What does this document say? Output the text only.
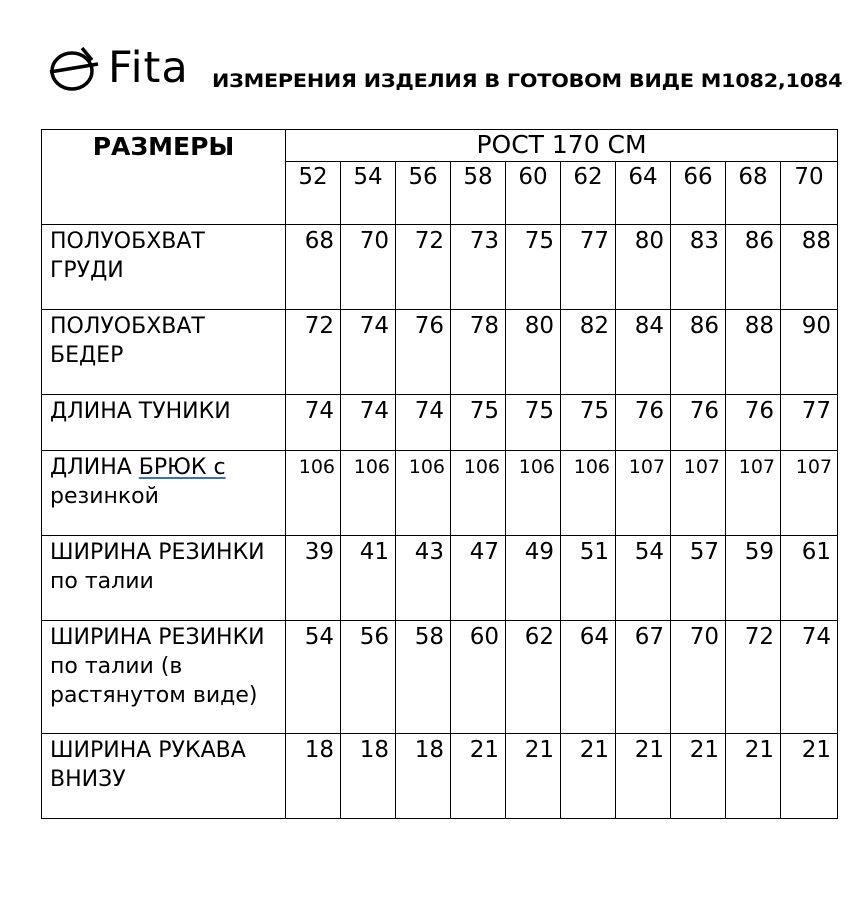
Fita ИЗМЕРЕНИЯ ИЗДЕЛИЯ В ГОТОВОМ ВИДЕ М1082,1084
РАЗМЕРЫ	РОСТ 170 СМ									
	52	54	56	58	60	62	64	66	68	70
ПОЛУОБХВАТ ГРУДИ	68	70	72	73	75	77	80	83	86	88
ПОЛУОБХВАТ БЕДЕР	72	74	76	78	80	82	84	86	88	90
ДЛИНА ТУНИКИ	74	74	74	75	75	75	76	76	76	77
ДЛИНА БРЮК с резинкой	106	106	106	106	106	106	107	107	107	107
ШИРИНА РЕЗИНКИ по талии	39	41	43	47	49	51	54	57	59	61
ШИРИНА РЕЗИНКИ по талии (в растянутом виде)	54	56	58	60	62	64	67	70	72	74
ШИРИНА РУКАВА ВНИЗУ	18	18	18	21	21	21	21	21	21	21
